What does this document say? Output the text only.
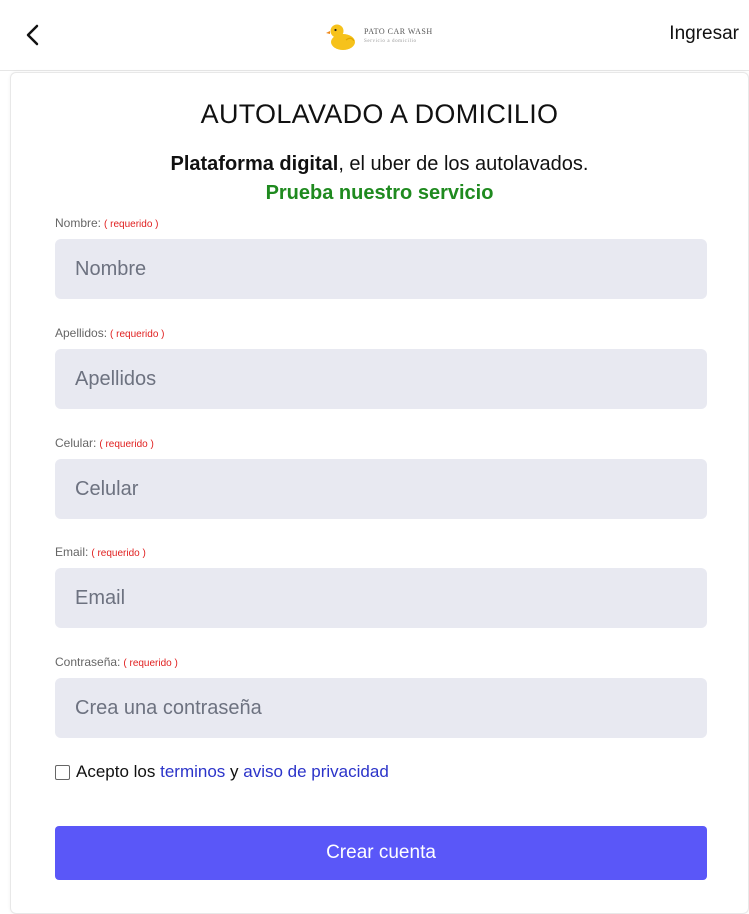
PATO CAR WASH
Servicio a domicilio	Ingresar
AUTOLAVADO A DOMICILIO
Plataforma digital, el uber de los autolavados.
Prueba nuestro servicio
Nombre: ( requerido )
Nombre
Apellidos: ( requerido )
Apellidos
Celular: ( requerido )
Celular
Email: ( requerido )
Email
Contraseña: ( requerido )
Acepto los terminos y aviso de privacidad
Crear cuenta
